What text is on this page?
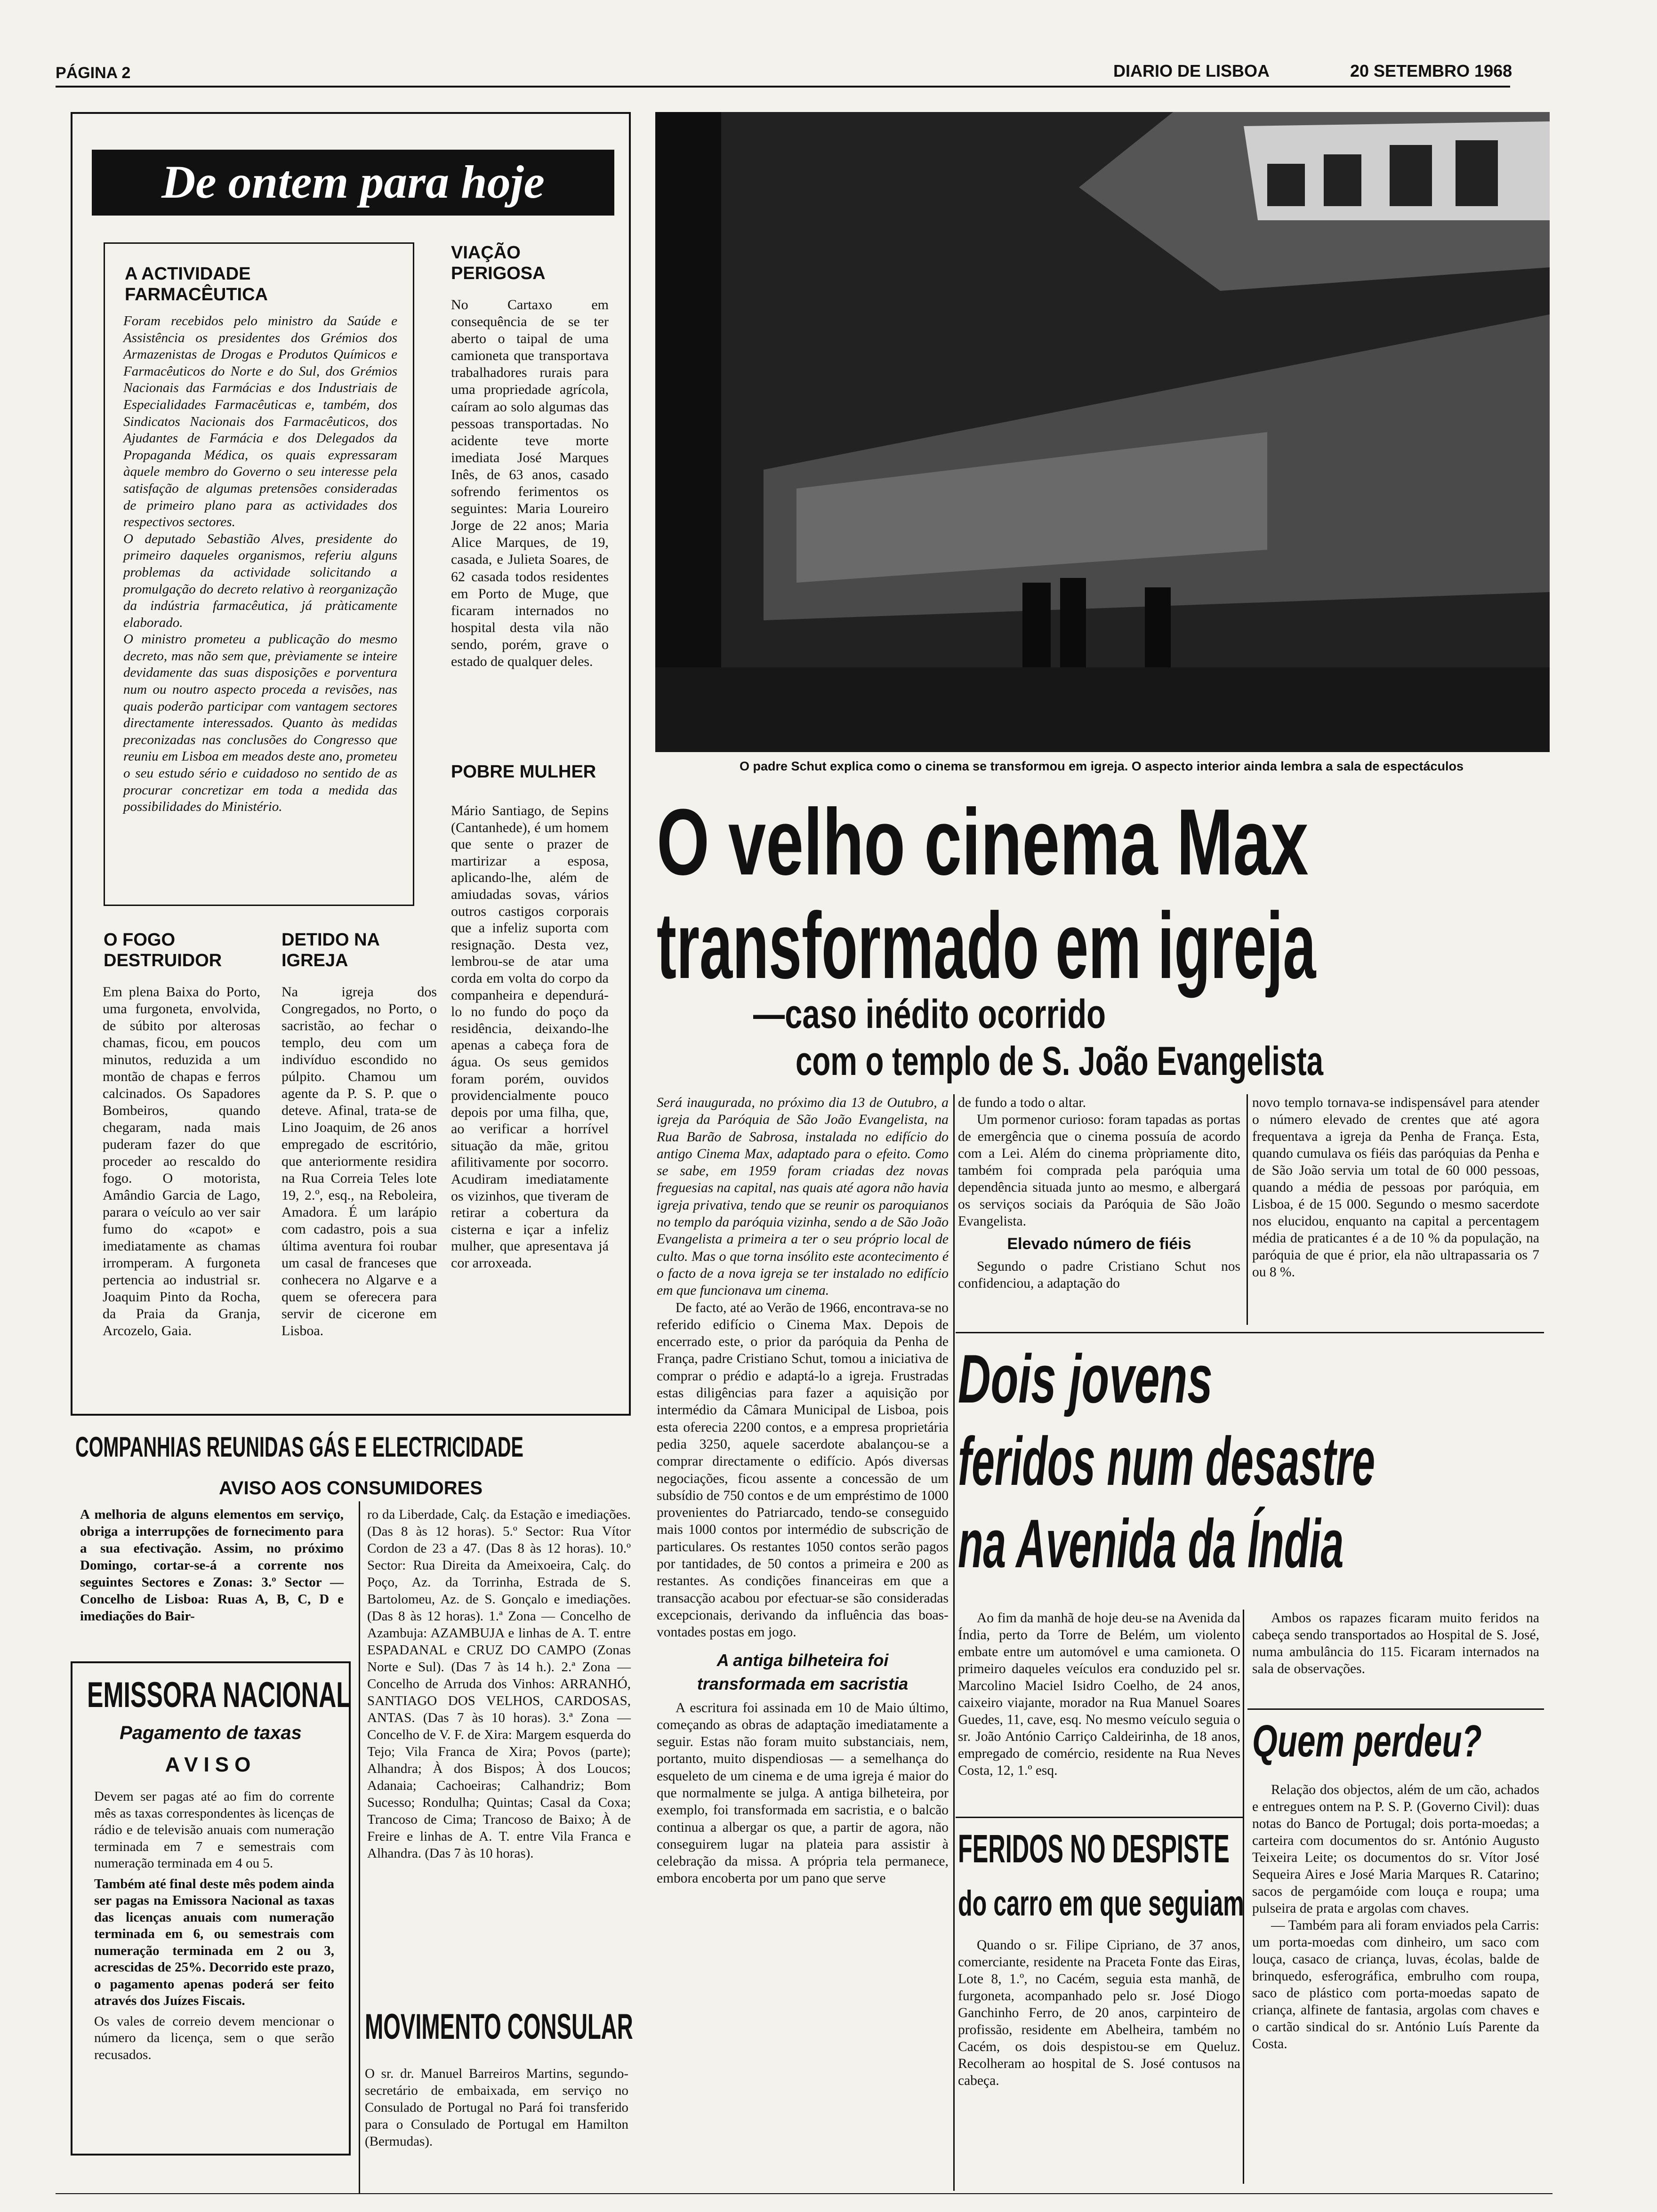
PÁGINA 2	DIARIO DE LISBOA	20 SETEMBRO 1968
De ontem para hoje
A ACTIVIDADE FARMACÊUTICA

Foram recebidos pelo ministro da Saúde e Assistência os presidentes dos Grémios dos Armazenistas de Drogas e Produtos Químicos e Farmacêuticos do Norte e do Sul, dos Grémios Nacionais das Farmácias e dos Industriais de Especialidades Farmacêuticas e, também, dos Sindicatos Nacionais dos Farmacêuticos, dos Ajudantes de Farmácia e dos Delegados da Propaganda Médica, os quais expressaram àquele membro do Governo o seu interesse pela satisfação de algumas pretensões consideradas de primeiro plano para as actividades dos respectivos sectores.

O deputado Sebastião Alves, presidente do primeiro daqueles organismos, referiu alguns problemas da actividade solicitando a promulgação do decreto relativo à reorganização da indústria farmacêutica, já pràticamente elaborado.

O ministro prometeu a publicação do mesmo decreto, mas não sem que, prèviamente se inteire devidamente das suas disposições e porventura num ou noutro aspecto proceda a revisões, nas quais poderão participar com vantagem sectores directamente interessados. Quanto às medidas preconizadas nas conclusões do Congresso que reuniu em Lisboa em meados deste ano, prometeu o seu estudo sério e cuidadoso no sentido de as procurar concretizar em toda a medida das possibilidades do Ministério.

VIAÇÃO PERIGOSA
No Cartaxo em consequência de se ter aberto o taipal de uma camioneta que transportava trabalhadores rurais para uma propriedade agrícola, caíram ao solo algumas das pessoas transportadas. No acidente teve morte imediata José Marques Inês, de 63 anos, casado sofrendo ferimentos os seguintes: Maria Loureiro Jorge de 22 anos; Maria Alice Marques, de 19, casada, e Julieta Soares, de 62 casada todos residentes em Porto de Muge, que ficaram internados no hospital desta vila não sendo, porém, grave o estado de qualquer deles.
POBRE MULHER
Mário Santiago, de Sepins (Cantanhede), é um homem que sente o prazer de martirizar a esposa, aplicando-lhe, além de amiudadas sovas, vários outros castigos corporais que a infeliz suporta com resignação. Desta vez, lembrou-se de atar uma corda em volta do corpo da companheira e dependurá-lo no fundo do poço da residência, deixando-lhe apenas a cabeça fora de água. Os seus gemidos foram porém, ouvidos providencialmente pouco depois por uma filha, que, ao verificar a horrível situação da mãe, gritou afilitivamente por socorro. Acudiram imediatamente os vizinhos, que tiveram de retirar a cobertura da cisterna e içar a infeliz mulher, que apresentava já cor arroxeada.
O FOGO DESTRUIDOR
Em plena Baixa do Porto, uma furgoneta, envolvida, de súbito por alterosas chamas, ficou, em poucos minutos, reduzida a um montão de chapas e ferros calcinados. Os Sapadores Bombeiros, quando chegaram, nada mais puderam fazer do que proceder ao rescaldo do fogo. O motorista, Amândio Garcia de Lago, parara o veículo ao ver sair fumo do «capot» e imediatamente as chamas irromperam. A furgoneta pertencia ao industrial sr. Joaquim Pinto da Rocha, da Praia da Granja, Arcozelo, Gaia.
DETIDO NA IGREJA
Na igreja dos Congregados, no Porto, o sacristão, ao fechar o templo, deu com um indivíduo escondido no púlpito. Chamou um agente da P. S. P. que o deteve. Afinal, trata-se de Lino Joaquim, de 26 anos empregado de escritório, que anteriormente residira na Rua Correia Teles lote 19, 2.º, esq., na Reboleira, Amadora. É um larápio com cadastro, pois a sua última aventura foi roubar um casal de franceses que conhecera no Algarve e a quem se oferecera para servir de cicerone em Lisboa.
COMPANHIAS REUNIDAS GÁS E ELECTRICIDADE
AVISO AOS CONSUMIDORES
A melhoria de alguns elementos em serviço, obriga a interrupções de fornecimento para a sua efectivação. Assim, no próximo Domingo, cortar-se-á a corrente nos seguintes Sectores e Zonas: 3.º Sector — Concelho de Lisboa: Ruas A, B, C, D e imediações do Bair-
ro da Liberdade, Calç. da Estação e imediações. (Das 8 às 12 horas). 5.º Sector: Rua Vítor Cordon de 23 a 47. (Das 8 às 12 horas). 10.º Sector: Rua Direita da Ameixoeira, Calç. do Poço, Az. da Torrinha, Estrada de S. Bartolomeu, Az. de S. Gonçalo e imediações. (Das 8 às 12 horas). 1.ª Zona — Concelho de Azambuja: AZAMBUJA e linhas de A. T. entre ESPADANAL e CRUZ DO CAMPO (Zonas Norte e Sul). (Das 7 às 14 h.). 2.ª Zona — Concelho de Arruda dos Vinhos: ARRANHÓ, SANTIAGO DOS VELHOS, CARDOSAS, ANTAS. (Das 7 às 10 horas). 3.ª Zona — Concelho de V. F. de Xira: Margem esquerda do Tejo; Vila Franca de Xira; Povos (parte); Alhandra; À dos Bispos; À dos Loucos; Adanaia; Cachoeiras; Calhandriz; Bom Sucesso; Rondulha; Quintas; Casal da Coxa; Trancoso de Cima; Trancoso de Baixo; À de Freire e linhas de A. T. entre Vila Franca e Alhandra. (Das 7 às 10 horas).
EMISSORA NACIONAL
Pagamento de taxas
AVISO

Devem ser pagas até ao fim do corrente mês as taxas correspondentes às licenças de rádio e de televisão anuais com numeração terminada em 7 e semestrais com numeração terminada em 4 ou 5.

Também até final deste mês podem ainda ser pagas na Emissora Nacional as taxas das licenças anuais com numeração terminada em 6, ou semestrais com numeração terminada em 2 ou 3, acrescidas de 25%. Decorrido este prazo, o pagamento apenas poderá ser feito através dos Juízes Fiscais.

Os vales de correio devem mencionar o número da licença, sem o que serão recusados.

MOVIMENTO CONSULAR
O sr. dr. Manuel Barreiros Martins, segundo-secretário de embaixada, em serviço no Consulado de Portugal no Pará foi transferido para o Consulado de Portugal em Hamilton (Bermudas).
O padre Schut explica como o cinema se transformou em igreja. O aspecto interior ainda lembra a sala de espectáculos
O velho cinema Max
transformado em igreja
—caso inédito ocorrido
com o templo de S. João Evangelista

Será inaugurada, no próximo dia 13 de Outubro, a igreja da Paróquia de São João Evangelista, na Rua Barão de Sabrosa, instalada no edifício do antigo Cinema Max, adaptado para o efeito. Como se sabe, em 1959 foram criadas dez novas freguesias na capital, nas quais até agora não havia igreja privativa, tendo que se reunir os paroquianos no templo da paróquia vizinha, sendo a de São João Evangelista a primeira a ter o seu próprio local de culto. Mas o que torna insólito este acontecimento é o facto de a nova igreja se ter instalado no edifício em que funcionava um cinema.

De facto, até ao Verão de 1966, encontrava-se no referido edifício o Cinema Max. Depois de encerrado este, o prior da paróquia da Penha de França, padre Cristiano Schut, tomou a iniciativa de comprar o prédio e adaptá-lo a igreja. Frustradas estas diligências para fazer a aquisição por intermédio da Câmara Municipal de Lisboa, pois esta oferecia 2200 contos, e a empresa proprietária pedia 3250, aquele sacerdote abalançou-se a comprar directamente o edifício. Após diversas negociações, ficou assente a concessão de um subsídio de 750 contos e de um empréstimo de 1000 provenientes do Patriarcado, tendo-se conseguido mais 1000 contos por intermédio de subscrição de particulares. Os restantes 1050 contos serão pagos por tantidades, de 50 contos a primeira e 200 as restantes. As condições financeiras em que a transacção acabou por efectuar-se são consideradas excepcionais, derivando da influência das boas-vontades postas em jogo.

A antiga bilheteira foi transformada em sacristia

A escritura foi assinada em 10 de Maio último, começando as obras de adaptação imediatamente a seguir. Estas não foram muito substanciais, nem, portanto, muito dispendiosas — a semelhança do esqueleto de um cinema e de uma igreja é maior do que normalmente se julga. A antiga bilheteira, por exemplo, foi transformada em sacristia, e o balcão continua a albergar os que, a partir de agora, não conseguirem lugar na plateia para assistir à celebração da missa. A própria tela permanece, embora encoberta por um pano que serve

de fundo a todo o altar.

Um pormenor curioso: foram tapadas as portas de emergência que o cinema possuía de acordo com a Lei. Além do cinema pròpriamente dito, também foi comprada pela paróquia uma dependência situada junto ao mesmo, e albergará os serviços sociais da Paróquia de São João Evangelista.

Elevado número de fiéis

Segundo o padre Cristiano Schut nos confidenciou, a adaptação do

novo templo tornava-se indispensável para atender o número elevado de crentes que até agora frequentava a igreja da Penha de França. Esta, quando cumulava os fiéis das paróquias da Penha e de São João servia um total de 60 000 pessoas, quando a média de pessoas por paróquia, em Lisboa, é de 15 000. Segundo o mesmo sacerdote nos elucidou, enquanto na capital a percentagem média de praticantes é a de 10 % da população, na paróquia de que é prior, ela não ultrapassaria os 7 ou 8 %.
Dois jovens
feridos num desastre
na Avenida da Índia
Ao fim da manhã de hoje deu-se na Avenida da Índia, perto da Torre de Belém, um violento embate entre um automóvel e uma camioneta. O primeiro daqueles veículos era conduzido pel sr. Marcolino Maciel Isidro Coelho, de 24 anos, caixeiro viajante, morador na Rua Manuel Soares Guedes, 11, cave, esq. No mesmo veículo seguia o sr. João António Carriço Caldeirinha, de 18 anos, empregado de comércio, residente na Rua Neves Costa, 12, 1.º esq.
Ambos os rapazes ficaram muito feridos na cabeça sendo transportados ao Hospital de S. José, numa ambulância do 115. Ficaram internados na sala de observações.
Quem perdeu?

Relação dos objectos, além de um cão, achados e entregues ontem na P. S. P. (Governo Civil): duas notas do Banco de Portugal; dois porta-moedas; a carteira com documentos do sr. António Augusto Teixeira Leite; os documentos do sr. Vítor José Sequeira Aires e José Maria Marques R. Catarino; sacos de pergamóide com louça e roupa; uma pulseira de prata e argolas com chaves.

— Também para ali foram enviados pela Carris: um porta-moedas com dinheiro, um saco com louça, casaco de criança, luvas, écolas, balde de brinquedo, esferográfica, embrulho com roupa, saco de plástico com porta-moedas sapato de criança, alfinete de fantasia, argolas com chaves e o cartão sindical do sr. António Luís Parente da Costa.

FERIDOS NO DESPISTE
do carro em que seguiam
Quando o sr. Filipe Cipriano, de 37 anos, comerciante, residente na Praceta Fonte das Eiras, Lote 8, 1.º, no Cacém, seguia esta manhã, de furgoneta, acompanhado pelo sr. José Diogo Ganchinho Ferro, de 20 anos, carpinteiro de profissão, residente em Abelheira, também no Cacém, os dois despistou-se em Queluz. Recolheram ao hospital de S. José contusos na cabeça.
